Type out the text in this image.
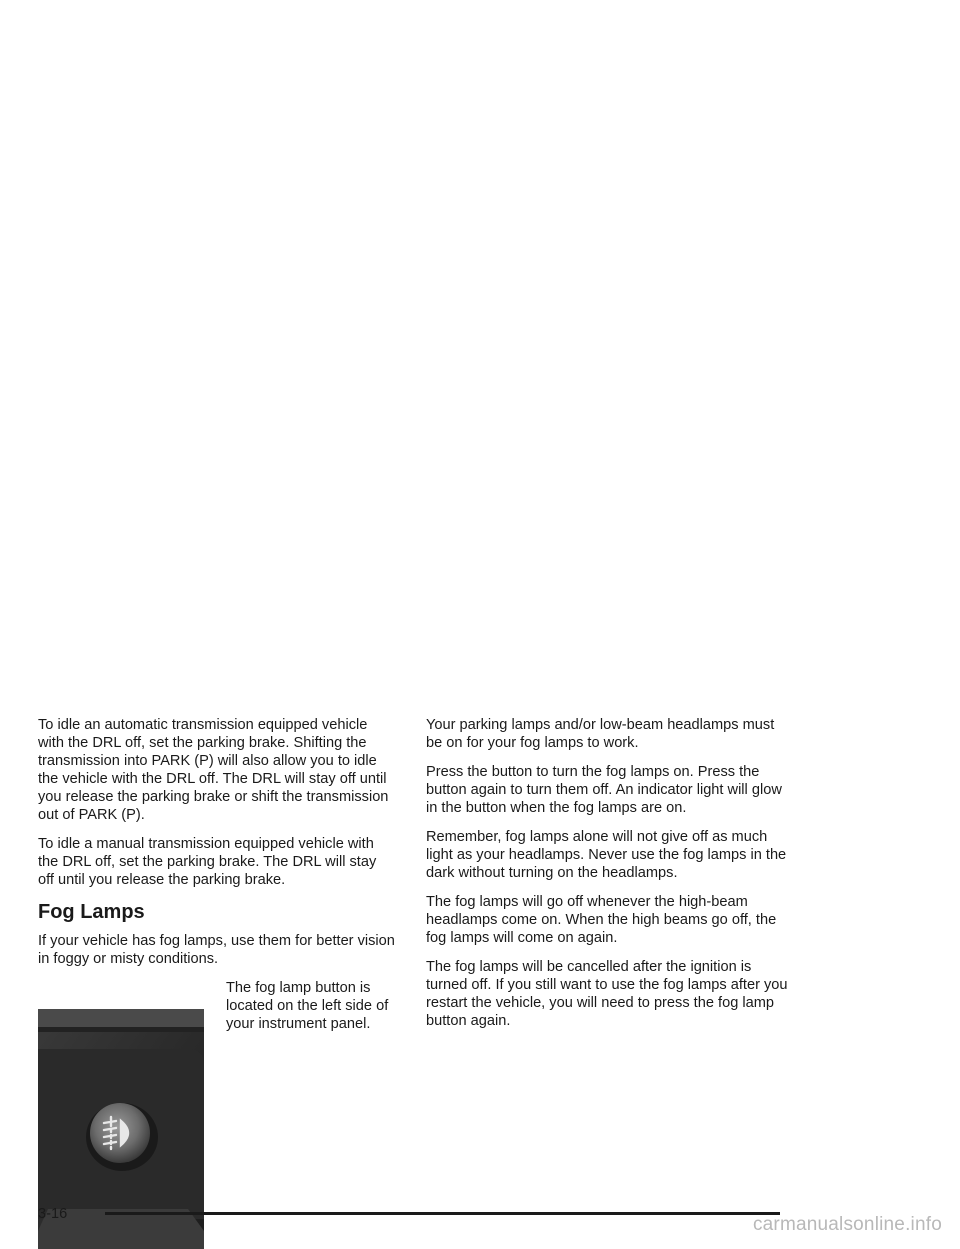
To idle an automatic transmission equipped vehicle with the DRL off, set the parking brake. Shifting the transmission into PARK (P) will also allow you to idle the vehicle with the DRL off. The DRL will stay off until you release the parking brake or shift the transmission out of PARK (P).

To idle a manual transmission equipped vehicle with the DRL off, set the parking brake. The DRL will stay off until you release the parking brake.

Fog Lamps

If your vehicle has fog lamps, use them for better vision in foggy or misty conditions.

The fog lamp button is located on the left side of your instrument panel.

Your parking lamps and/or low-beam headlamps must be on for your fog lamps to work.

Press the button to turn the fog lamps on. Press the button again to turn them off. An indicator light will glow in the button when the fog lamps are on.

Remember, fog lamps alone will not give off as much light as your headlamps. Never use the fog lamps in the dark without turning on the headlamps.

The fog lamps will go off whenever the high-beam headlamps come on. When the high beams go off, the fog lamps will come on again.

The fog lamps will be cancelled after the ignition is turned off. If you still want to use the fog lamps after you restart the vehicle, you will need to press the fog lamp button again.

3-16	carmanualsonline.info
